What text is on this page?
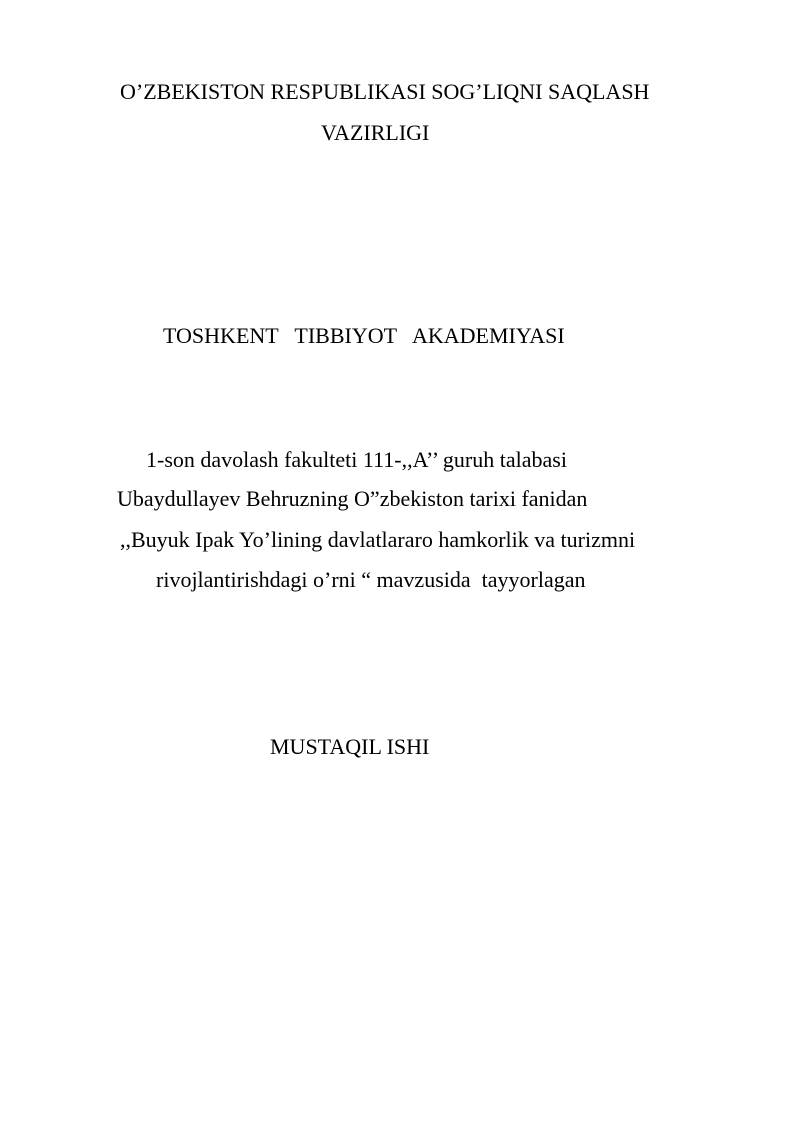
O’ZBEKISTON RESPUBLIKASI SOG’LIQNI SAQLASH
VAZIRLIGI
TOSHKENT   TIBBIYOT   AKADEMIYASI
1-son davolash fakulteti 111-,,A’’ guruh talabasi
Ubaydullayev Behruzning O”zbekiston tarixi fanidan
,,Buyuk Ipak Yo’lining davlatlararo hamkorlik va turizmni
rivojlantirishdagi o’rni “ mavzusida  tayyorlagan
MUSTAQIL ISHI
